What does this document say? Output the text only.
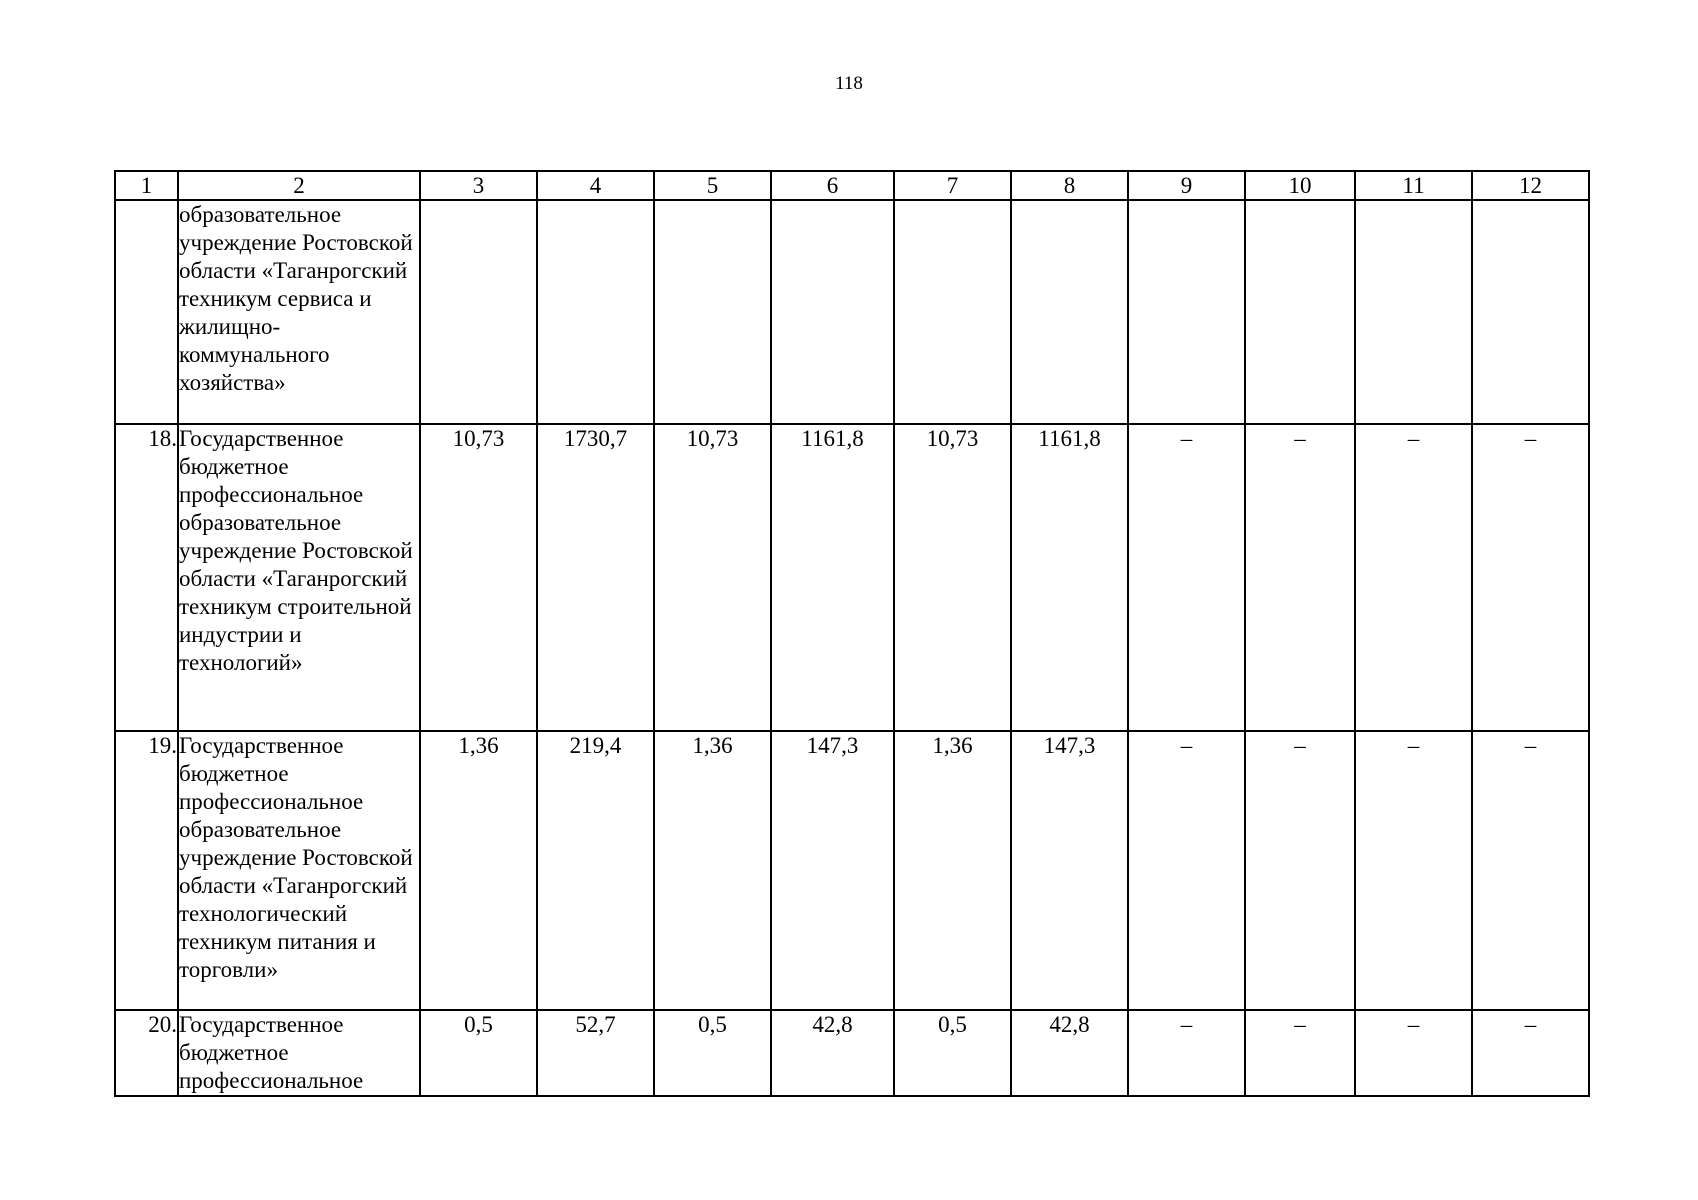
118
1	2	3	4	5	6	7	8	9	10	11	12
	образовательное учреждение Ростовской области «Таганрогский техникум сервиса и жилищно-коммунального хозяйства»										
18.	Государственное бюджетное профессиональное образовательное учреждение Ростовской области «Таганрогский техникум строительной индустрии и технологий»	10,73	1730,7	10,73	1161,8	10,73	1161,8	–	–	–	–
19.	Государственное бюджетное профессиональное образовательное учреждение Ростовской области «Таганрогский технологический техникум питания и торговли»	1,36	219,4	1,36	147,3	1,36	147,3	–	–	–	–
20.	Государственное бюджетное профессиональное	0,5	52,7	0,5	42,8	0,5	42,8	–	–	–	–
